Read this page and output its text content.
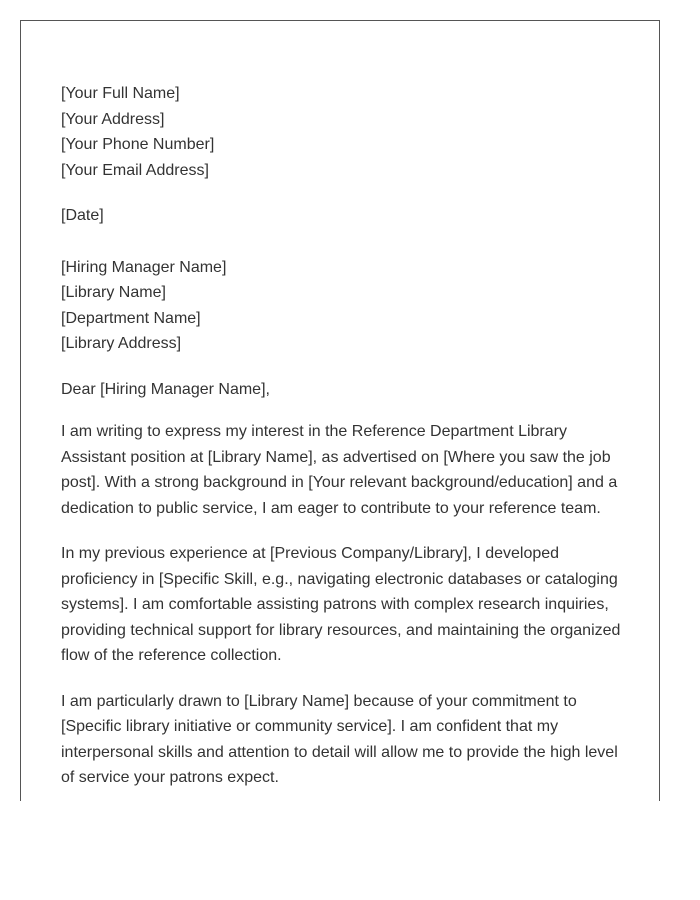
[Your Full Name]
[Your Address]
[Your Phone Number]
[Your Email Address]
[Date]
[Hiring Manager Name]
[Library Name]
[Department Name]
[Library Address]
Dear [Hiring Manager Name],

I am writing to express my interest in the Reference Department Library Assistant position at [Library Name], as advertised on [Where you saw the job post]. With a strong background in [Your relevant background/education] and a dedication to public service, I am eager to contribute to your reference team.

In my previous experience at [Previous Company/Library], I developed proficiency in [Specific Skill, e.g., navigating electronic databases or cataloging systems]. I am comfortable assisting patrons with complex research inquiries, providing technical support for library resources, and maintaining the organized flow of the reference collection.

I am particularly drawn to [Library Name] because of your commitment to [Specific library initiative or community service]. I am confident that my interpersonal skills and attention to detail will allow me to provide the high level of service your patrons expect.
